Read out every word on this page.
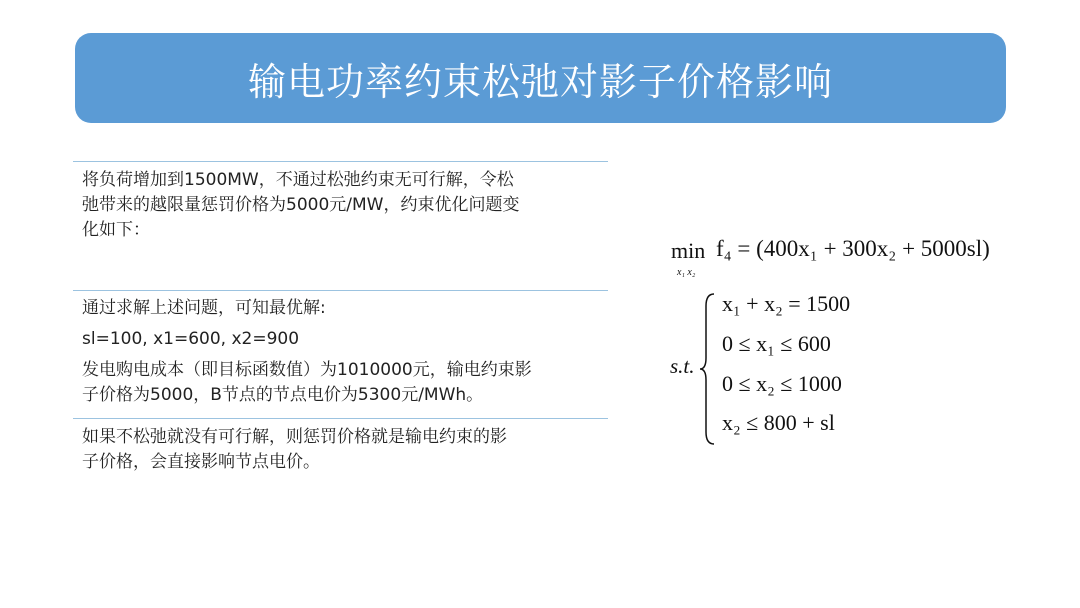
输电功率约束松弛对影子价格影响

将负荷增加到1500MW，不通过松弛约束无可行解，令松

弛带来的越限量惩罚价格为5000元/MW，约束优化问题变

化如下：

通过求解上述问题，可知最优解:

sl=100, x1=600, x2=900

发电购电成本（即目标函数值）为1010000元，输电约束影

子价格为5000，B节点的节点电价为5300元/MWh。

如果不松弛就没有可行解，则惩罚价格就是输电约束的影

子价格，会直接影响节点电价。

min
x₁ x₂
f₄ = (400x₁ + 300x₂ + 5000sl)
s.t.
x₁ + x₂ = 1500
0 ≤ x₁ ≤ 600
0 ≤ x₂ ≤ 1000
x₂ ≤ 800 + sl
